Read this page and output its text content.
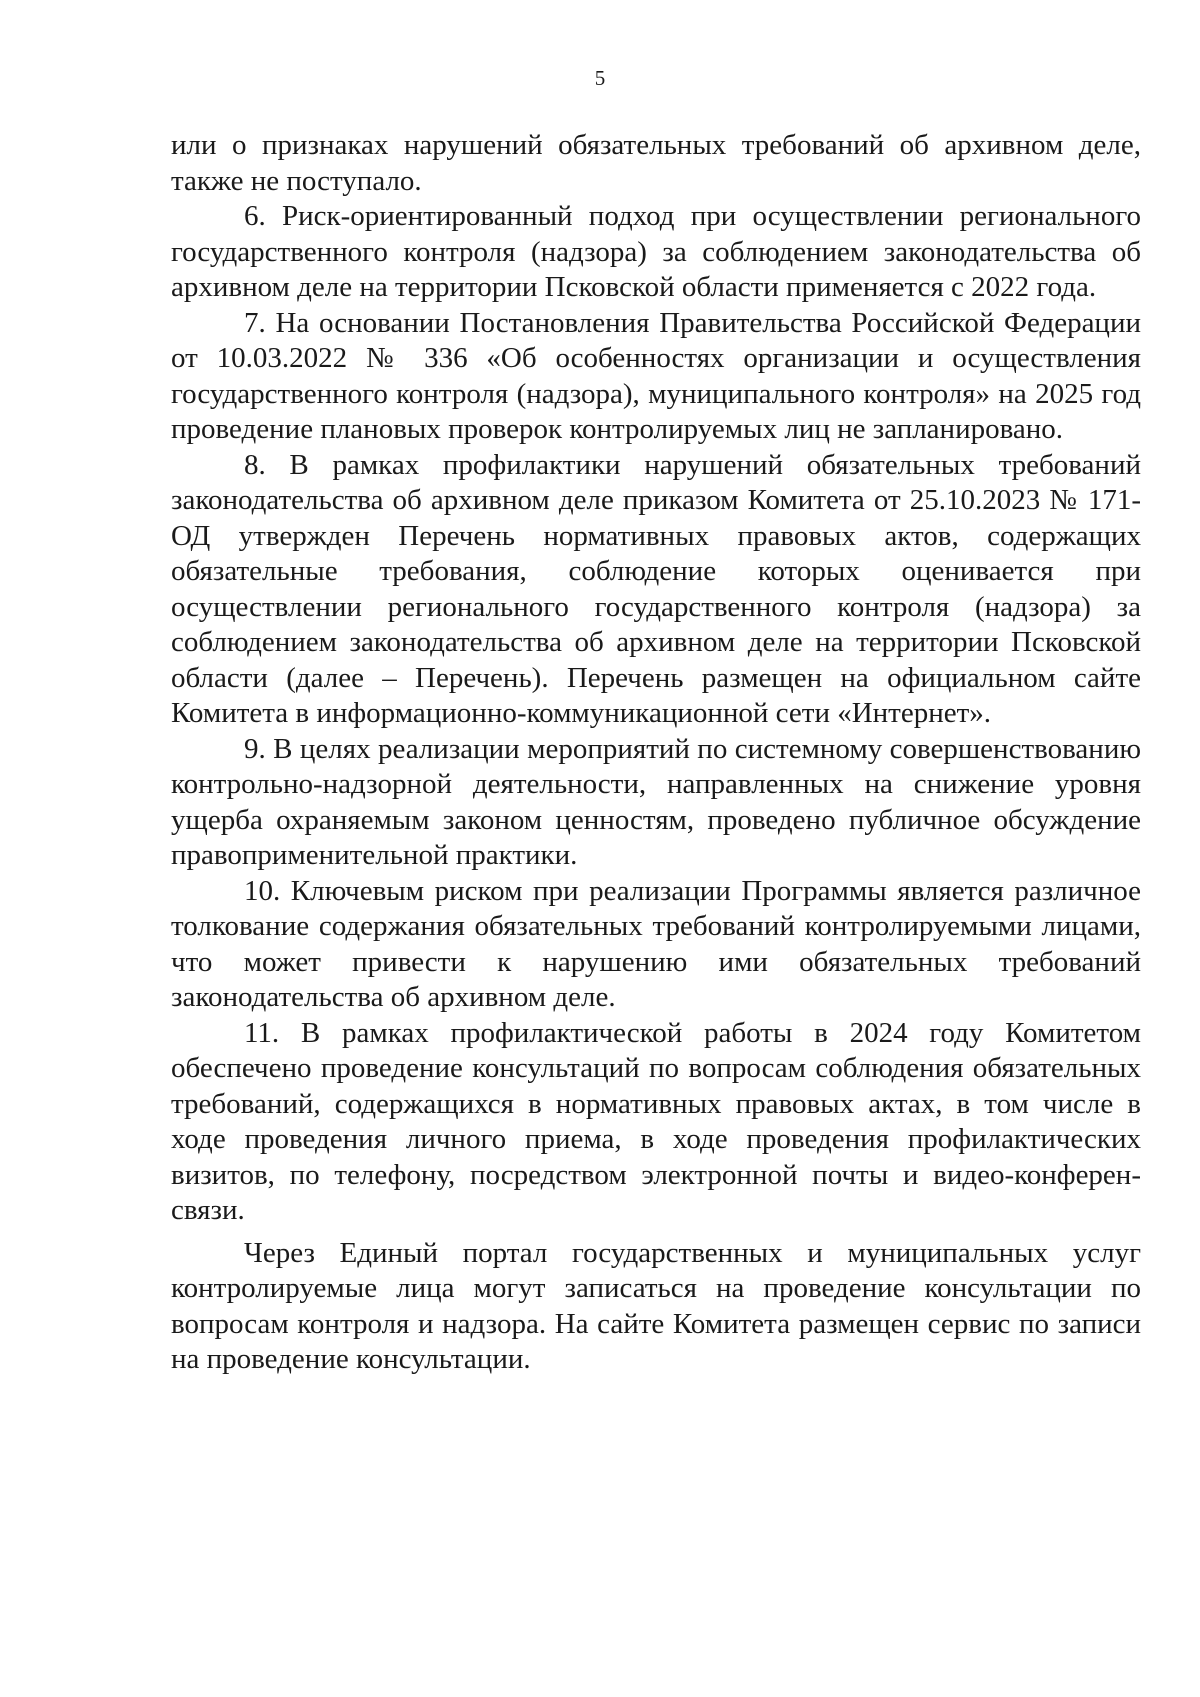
5

или о признаках нарушений обязательных требований об архивном деле, также не поступало.

6. Риск-ориентированный подход при осуществлении регионального государственного контроля (надзора) за соблюдением законодательства об архивном деле на территории Псковской области применяется с 2022 года.

7. На основании Постановления Правительства Российской Федерации от 10.03.2022 № 336 «Об особенностях организации и осуществления государственного контроля (надзора), муниципального контроля» на 2025 год проведение плановых проверок контролируемых лиц не запланировано.

8. В рамках профилактики нарушений обязательных требований законодательства об архивном деле приказом Комитета от 25.10.2023 № 171-ОД утвержден Перечень нормативных правовых актов, содержащих обязательные требования, соблюдение которых оценивается при осуществлении регионального государственного контроля (надзора) за соблюдением законодательства об архивном деле на территории Псковской области (далее – Перечень). Перечень размещен на официальном сайте Комитета в информационно-коммуникационной сети «Интернет».

9. В целях реализации мероприятий по системному совершенствованию контрольно-надзорной деятельности, направленных на снижение уровня ущерба охраняемым законом ценностям, проведено публичное обсуждение правоприменительной практики.

10. Ключевым риском при реализации Программы является различное толкование содержания обязательных требований контролируемыми лицами, что может привести к нарушению ими обязательных требований законодательства об архивном деле.

11. В рамках профилактической работы в 2024 году Комитетом обеспечено проведение консультаций по вопросам соблюдения обязательных требований, содержащихся в нормативных правовых актах, в том числе в ходе проведения личного приема, в ходе проведения профилактических визитов, по телефону, посредством электронной почты и видео-конферен-связи.

Через Единый портал государственных и муниципальных услуг контролируемые лица могут записаться на проведение консультации по вопросам контроля и надзора. На сайте Комитета размещен сервис по записи на проведение консультации.
